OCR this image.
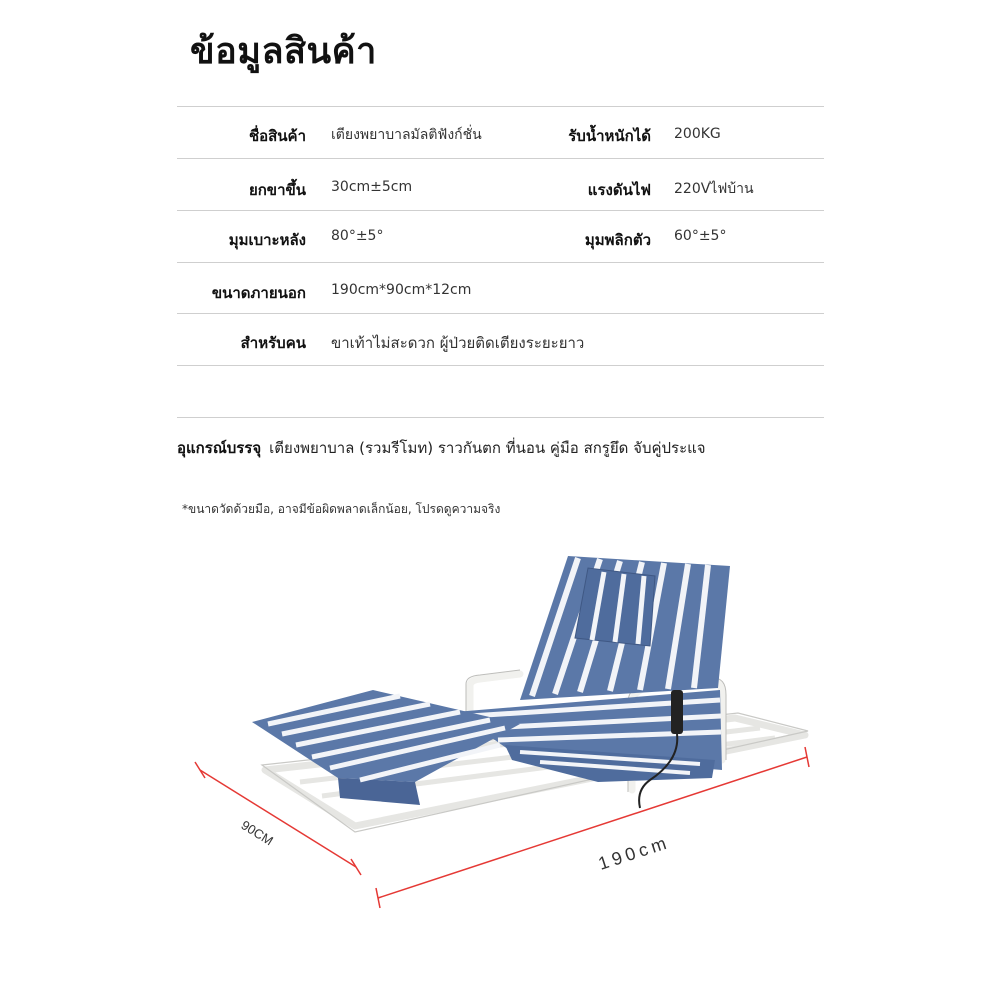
ข้อมูลสินค้า
ชื่อสินค้า เตียงพยาบาลมัลติฟังก์ชั่น	รับน้ำหนักได้ 200KG
ยกขาขึ้น 30cm±5cm	แรงดันไฟ 220Vไฟบ้าน
มุมเบาะหลัง 80°±5°	มุมพลิกตัว 60°±5°
ขนาดภายนอก 190cm*90cm*12cm
สำหรับคน ขาเท้าไม่สะดวก ผู้ป่วยติดเตียงระยะยาว
อุแกรณ์บรรจุ เตียงพยาบาล (รวมรีโมท) ราวกันตก ที่นอน คู่มือ สกรูยึด จับคู่ประแจ
*ขนาดวัดด้วยมือ, อาจมีข้อผิดพลาดเล็กน้อย, โปรดดูความจริง
90CM	190cm
